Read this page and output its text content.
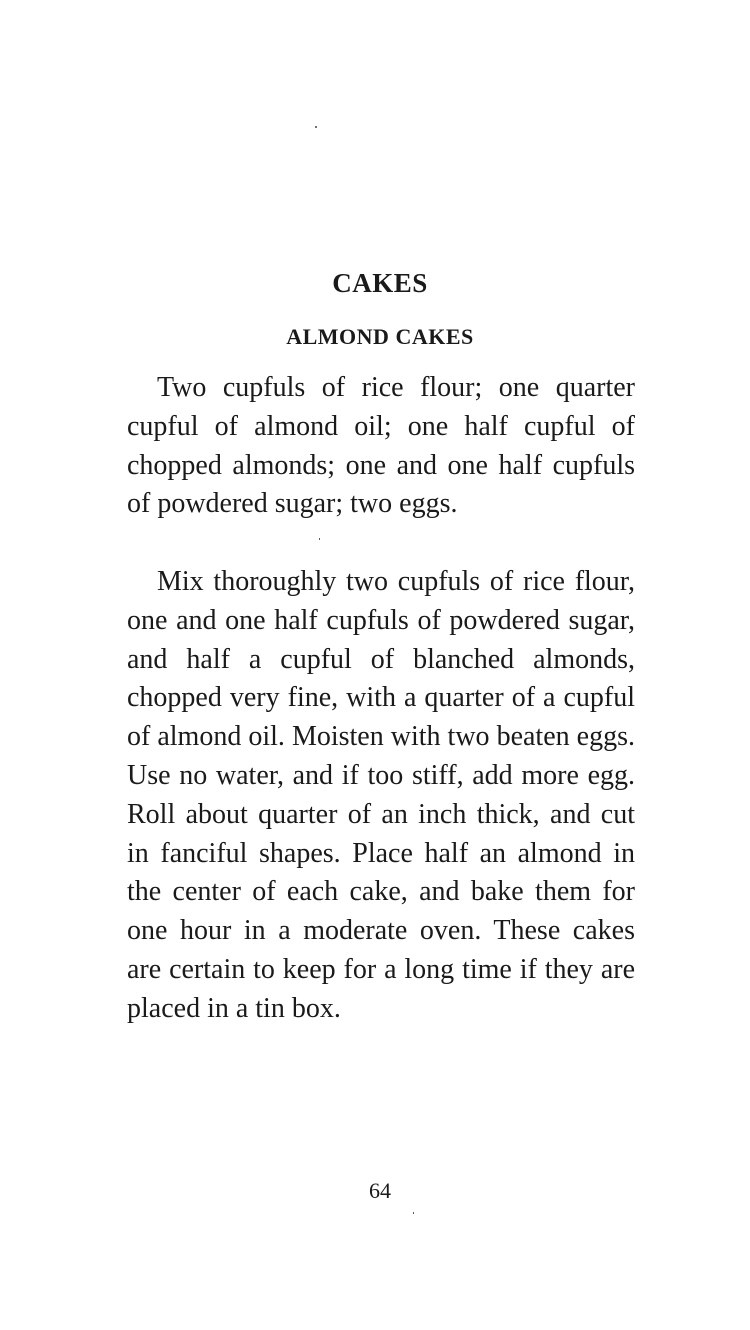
CAKES
ALMOND CAKES

Two cupfuls of rice flour; one quarter cupful of almond oil; one half cupful of chopped almonds; one and one half cupfuls of powdered sugar; two eggs.

Mix thoroughly two cupfuls of rice flour, one and one half cupfuls of powdered sugar, and half a cupful of blanched almonds, chopped very fine, with a quarter of a cupful of almond oil. Moisten with two beaten eggs. Use no water, and if too stiff, add more egg. Roll about quarter of an inch thick, and cut in fanciful shapes. Place half an almond in the center of each cake, and bake them for one hour in a moderate oven. These cakes are certain to keep for a long time if they are placed in a tin box.

64
